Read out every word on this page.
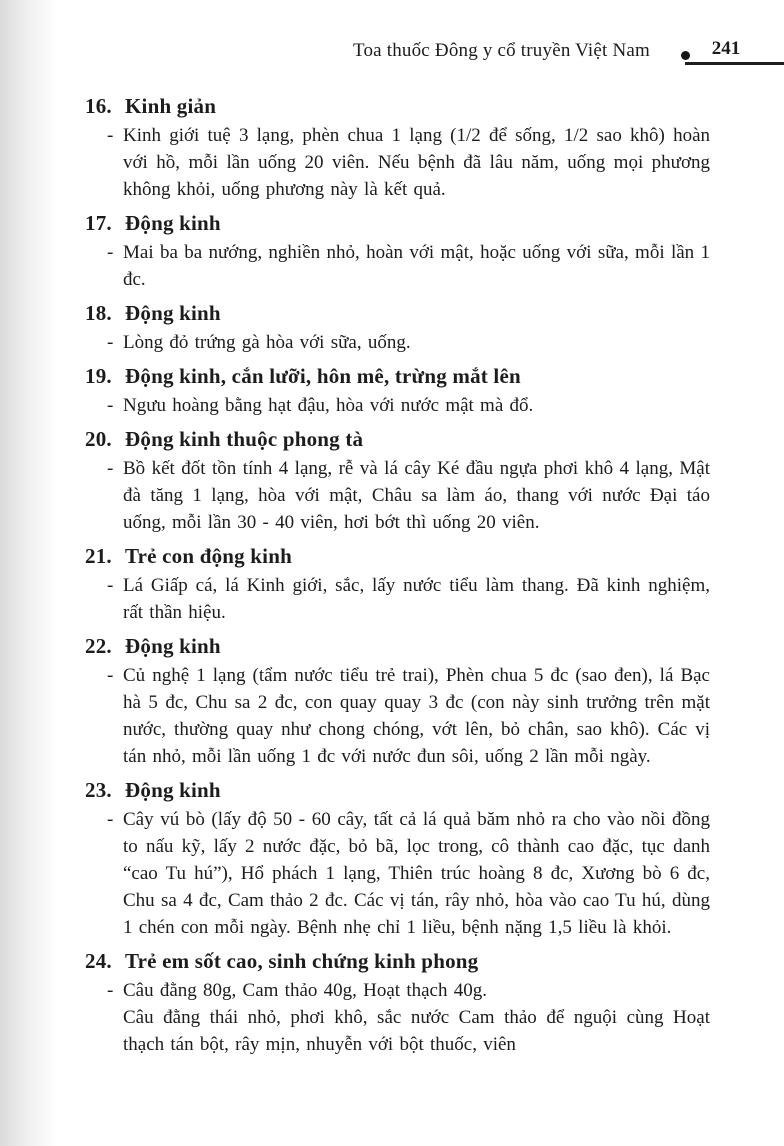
Toa thuốc Đông y cổ truyền Việt Nam	241
16. Kinh giản

- Kinh giới tuệ 3 lạng, phèn chua 1 lạng (1/2 để sống, 1/2 sao khô) hoàn với hồ, mỗi lần uống 20 viên. Nếu bệnh đã lâu năm, uống mọi phương không khỏi, uống phương này là kết quả.

17. Động kinh

- Mai ba ba nướng, nghiền nhỏ, hoàn với mật, hoặc uống với sữa, mỗi lần 1 đc.

18. Động kinh

- Lòng đỏ trứng gà hòa với sữa, uống.

19. Động kinh, cắn lưỡi, hôn mê, trừng mắt lên

- Ngưu hoàng bằng hạt đậu, hòa với nước mật mà đổ.

20. Động kinh thuộc phong tà

- Bồ kết đốt tồn tính 4 lạng, rễ và lá cây Ké đầu ngựa phơi khô 4 lạng, Mật đà tăng 1 lạng, hòa với mật, Châu sa làm áo, thang với nước Đại táo uống, mỗi lần 30 - 40 viên, hơi bớt thì uống 20 viên.

21. Trẻ con động kinh

- Lá Giấp cá, lá Kinh giới, sắc, lấy nước tiểu làm thang. Đã kinh nghiệm, rất thần hiệu.

22. Động kinh

- Củ nghệ 1 lạng (tẩm nước tiểu trẻ trai), Phèn chua 5 đc (sao đen), lá Bạc hà 5 đc, Chu sa 2 đc, con quay quay 3 đc (con này sinh trưởng trên mặt nước, thường quay như chong chóng, vớt lên, bỏ chân, sao khô). Các vị tán nhỏ, mỗi lần uống 1 đc với nước đun sôi, uống 2 lần mỗi ngày.

23. Động kinh

- Cây vú bò (lấy độ 50 - 60 cây, tất cả lá quả băm nhỏ ra cho vào nồi đồng to nấu kỹ, lấy 2 nước đặc, bỏ bã, lọc trong, cô thành cao đặc, tục danh “cao Tu hú”), Hổ phách 1 lạng, Thiên trúc hoàng 8 đc, Xương bò 6 đc, Chu sa 4 đc, Cam thảo 2 đc. Các vị tán, rây nhỏ, hòa vào cao Tu hú, dùng 1 chén con mỗi ngày. Bệnh nhẹ chỉ 1 liều, bệnh nặng 1,5 liều là khỏi.

24. Trẻ em sốt cao, sinh chứng kinh phong

- Câu đằng 80g, Cam thảo 40g, Hoạt thạch 40g.

Câu đằng thái nhỏ, phơi khô, sắc nước Cam thảo để nguội cùng Hoạt thạch tán bột, rây mịn, nhuyễn với bột thuốc, viên
